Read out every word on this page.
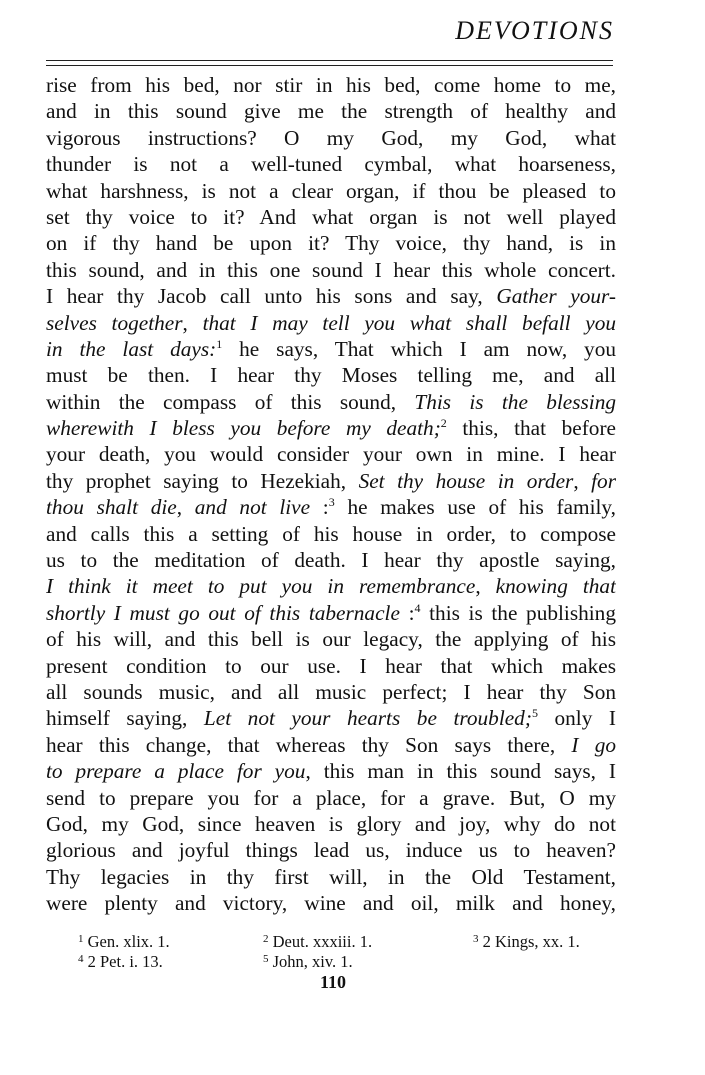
DEVOTIONS
rise from his bed, nor stir in his bed, come home to me,
and in this sound give me the strength of healthy and
vigorous instructions? O my God, my God, what
thunder is not a well-tuned cymbal, what hoarseness,
what harshness, is not a clear organ, if thou be pleased to
set thy voice to it? And what organ is not well played
on if thy hand be upon it? Thy voice, thy hand, is in
this sound, and in this one sound I hear this whole concert.
I hear thy Jacob call unto his sons and say, Gather your-
selves together, that I may tell you what shall befall you
in the last days:$^1$ he says, That which I am now, you
must be then. I hear thy Moses telling me, and all
within the compass of this sound, This is the blessing
wherewith I bless you before my death;$^2$ this, that before
your death, you would consider your own in mine. I hear
thy prophet saying to Hezekiah, Set thy house in order, for
thou shalt die, and not live :$^3$ he makes use of his family,
and calls this a setting of his house in order, to compose
us to the meditation of death. I hear thy apostle saying,
I think it meet to put you in remembrance, knowing that
shortly I must go out of this tabernacle :$^4$ this is the publishing
of his will, and this bell is our legacy, the applying of his
present condition to our use. I hear that which makes
all sounds music, and all music perfect; I hear thy Son
himself saying, Let not your hearts be troubled;$^5$ only I
hear this change, that whereas thy Son says there, I go
to prepare a place for you, this man in this sound says, I
send to prepare you for a place, for a grave. But, O my
God, my God, since heaven is glory and joy, why do not
glorious and joyful things lead us, induce us to heaven?
Thy legacies in thy first will, in the Old Testament,
were plenty and victory, wine and oil, milk and honey,
$^1$ Gen. xlix. 1.	$^2$ Deut. xxxiii. 1.	$^3$ 2 Kings, xx. 1.
$^4$ 2 Pet. i. 13.	$^5$ John, xiv. 1.
110
